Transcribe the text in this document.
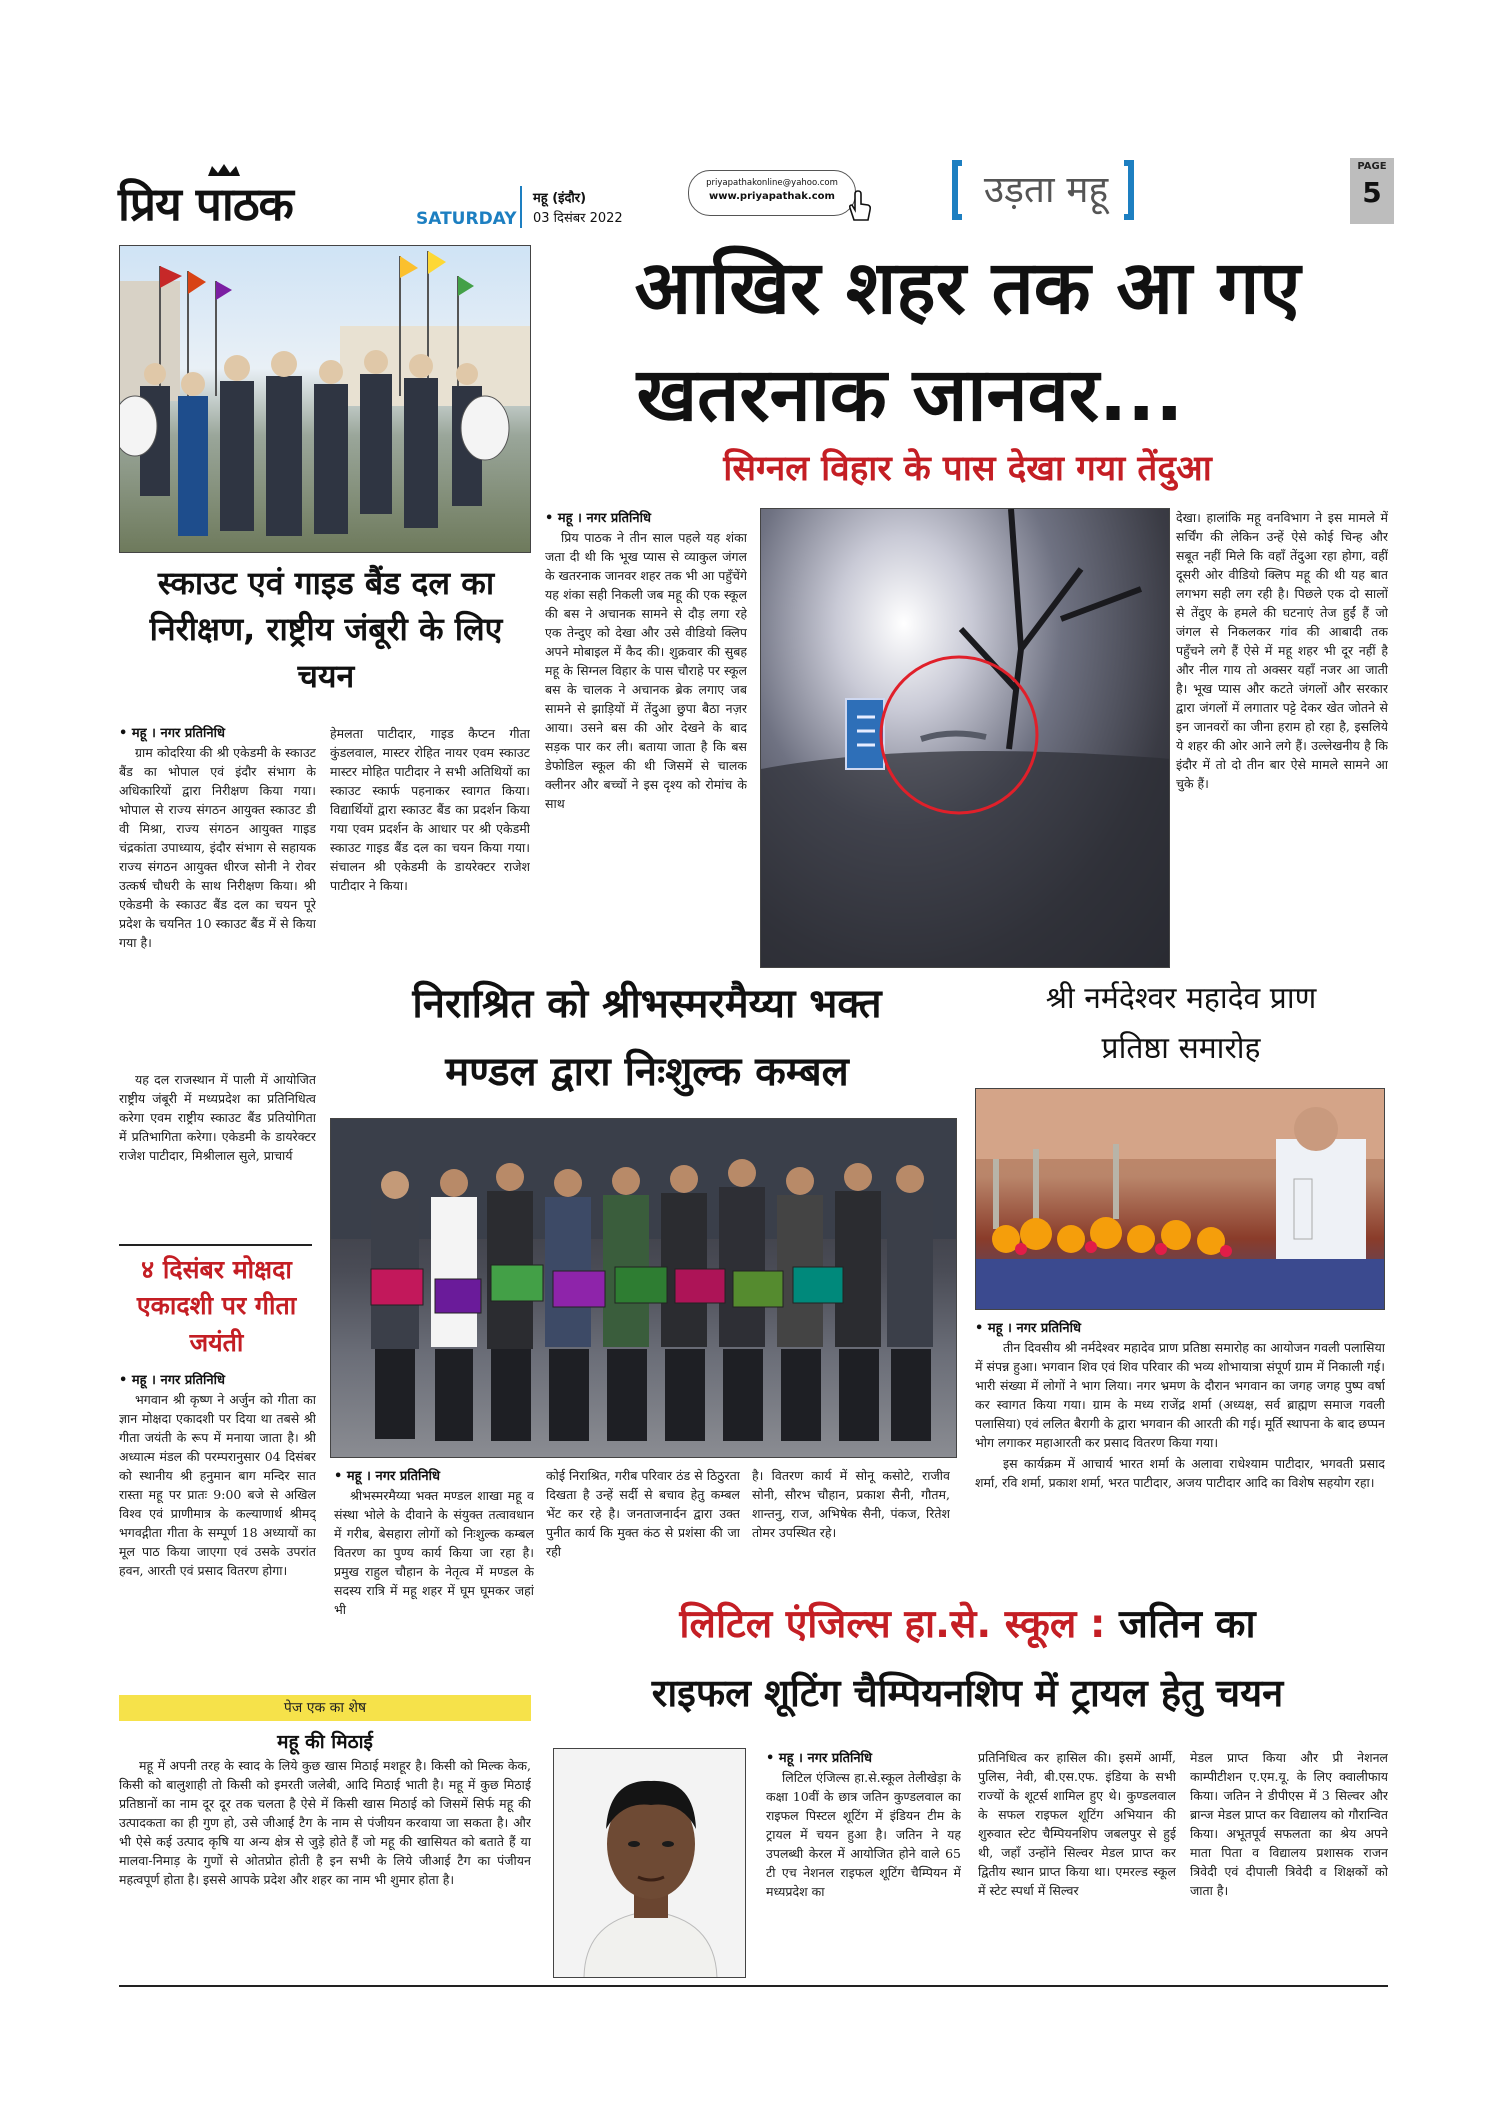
प्रिय पाठक	SATURDAY
महू (इंदौर)
03 दिसंबर 2022
priyapathakonline@yahoo.com
www.priyapathak.com	उड़ता महू
PAGE
5
स्काउट एवं गाइड बैंड दल का निरीक्षण, राष्ट्रीय जंबूरी के लिए चयन
• महू । नगर प्रतिनिधि
ग्राम कोदरिया की श्री एकेडमी के स्काउट बैंड का भोपाल एवं इंदौर संभाग के अधिकारियों द्वारा निरीक्षण किया गया। भोपाल से राज्य संगठन आयुक्त स्काउट डी वी मिश्रा, राज्य संगठन आयुक्त गाइड चंद्रकांता उपाध्याय, इंदौर संभाग से सहायक राज्य संगठन आयुक्त धीरज सोनी ने रोवर उत्कर्ष चौधरी के साथ निरीक्षण किया। श्री एकेडमी के स्काउट बैंड दल का चयन पूरे प्रदेश के चयनित 10 स्काउट बैंड में से किया गया है।
यह दल राजस्थान में पाली में आयोजित राष्ट्रीय जंबूरी में मध्यप्रदेश का प्रतिनिधित्व करेगा एवम राष्ट्रीय स्काउट बैंड प्रतियोगिता में प्रतिभागिता करेगा। एकेडमी के डायरेक्टर राजेश पाटीदार, मिश्रीलाल सुले, प्राचार्य
हेमलता पाटीदार, गाइड कैप्टन गीता कुंडलवाल, मास्टर रोहित नायर एवम स्काउट मास्टर मोहित पाटीदार ने सभी अतिथियों का स्काउट स्कार्फ पहनाकर स्वागत किया। विद्यार्थियों द्वारा स्काउट बैंड का प्रदर्शन किया गया एवम प्रदर्शन के आधार पर श्री एकेडमी स्काउट गाइड बैंड दल का चयन किया गया। संचालन श्री एकेडमी के डायरेक्टर राजेश पाटीदार ने किया।
४ दिसंबर मोक्षदा एकादशी पर गीता जयंती
• महू । नगर प्रतिनिधि
भगवान श्री कृष्ण ने अर्जुन को गीता का ज्ञान मोक्षदा एकादशी पर दिया था तबसे श्री गीता जयंती के रूप में मनाया जाता है। श्री अध्यात्म मंडल की परम्परानुसार 04 दिसंबर को स्थानीय श्री हनुमान बाग मन्दिर सात रास्ता महू पर प्रातः 9:00 बजे से अखिल विश्व एवं प्राणीमात्र के कल्याणार्थ श्रीमद् भगवद्गीता गीता के सम्पूर्ण 18 अध्यायों का मूल पाठ किया जाएगा एवं उसके उपरांत हवन, आरती एवं प्रसाद वितरण होगा।
आखिर शहर तक आ गए
खतरनाक जानवर...
सिग्नल विहार के पास देखा गया तेंदुआ
• महू । नगर प्रतिनिधि
प्रिय पाठक ने तीन साल पहले यह शंका जता दी थी कि भूख प्यास से व्याकुल जंगल के खतरनाक जानवर शहर तक भी आ पहुँचेंगे यह शंका सही निकली जब महू की एक स्कूल की बस ने अचानक सामने से दौड़ लगा रहे एक तेन्दुए को देखा और उसे वीडियो क्लिप अपने मोबाइल में कैद की। शुक्रवार की सुबह महू के सिग्नल विहार के पास चौराहे पर स्कूल बस के चालक ने अचानक ब्रेक लगाए जब सामने से झाड़ियों में तेंदुआ छुपा बैठा नज़र आया। उसने बस की ओर देखने के बाद सड़क पार कर ली। बताया जाता है कि बस डेफोडिल स्कूल की थी जिसमें से चालक क्लीनर और बच्चों ने इस दृश्य को रोमांच के साथ
देखा। हालांकि महू वनविभाग ने इस मामले में सर्चिंग की लेकिन उन्हें ऐसे कोई चिन्ह और सबूत नहीं मिले कि वहाँ तेंदुआ रहा होगा, वहीं दूसरी ओर वीडियो क्लिप महू की थी यह बात लगभग सही लग रही है। पिछले एक दो सालों से तेंदुए के हमले की घटनाएं तेज हुईं हैं जो जंगल से निकलकर गांव की आबादी तक पहुँचने लगे हैं ऐसे में महू शहर भी दूर नहीं है और नील गाय तो अक्सर यहाँ नजर आ जाती है। भूख प्यास और कटते जंगलों और सरकार द्वारा जंगलों में लगातार पट्टे देकर खेत जोतने से इन जानवरों का जीना हराम हो रहा है, इसलिये ये शहर की ओर आने लगे हैं। उल्लेखनीय है कि इंदौर में तो दो तीन बार ऐसे मामले सामने आ चुके हैं।
निराश्रित को श्रीभस्मरमैय्या भक्त
मण्डल द्वारा निःशुल्क कम्बल
• महू । नगर प्रतिनिधि
श्रीभस्मरमैय्या भक्त मण्डल शाखा महू व संस्था भोले के दीवाने के संयुक्त तत्वावधान में गरीब, बेसहारा लोगों को निःशुल्क कम्बल वितरण का पुण्य कार्य किया जा रहा है। प्रमुख राहुल चौहान के नेतृत्व में मण्डल के सदस्य रात्रि में महू शहर में घूम घूमकर जहां भी
कोई निराश्रित, गरीब परिवार ठंड से ठिठुरता दिखता है उन्हें सर्दी से बचाव हेतु कम्बल भेंट कर रहे है। जनताजनार्दन द्वारा उक्त पुनीत कार्य कि मुक्त कंठ से प्रशंसा की जा रही
है। वितरण कार्य में सोनू कसोटे, राजीव सोनी, सौरभ चौहान, प्रकाश सैनी, गौतम, शान्तनु, राज, अभिषेक सैनी, पंकज, रितेश तोमर उपस्थित रहे।
श्री नर्मदेश्वर महादेव प्राण
प्रतिष्ठा समारोह
• महू । नगर प्रतिनिधि
तीन दिवसीय श्री नर्मदेश्वर महादेव प्राण प्रतिष्ठा समारोह का आयोजन गवली पलासिया में संपन्न हुआ। भगवान शिव एवं शिव परिवार की भव्य शोभायात्रा संपूर्ण ग्राम में निकाली गई। भारी संख्या में लोगों ने भाग लिया। नगर भ्रमण के दौरान भगवान का जगह जगह पुष्प वर्षा कर स्वागत किया गया। ग्राम के मध्य राजेंद्र शर्मा (अध्यक्ष, सर्व ब्राह्मण समाज गवली पलासिया) एवं ललित बैरागी के द्वारा भगवान की आरती की गई। मूर्ति स्थापना के बाद छप्पन भोग लगाकर महाआरती कर प्रसाद वितरण किया गया।
इस कार्यक्रम में आचार्य भारत शर्मा के अलावा राधेश्याम पाटीदार, भगवती प्रसाद शर्मा, रवि शर्मा, प्रकाश शर्मा, भरत पाटीदार, अजय पाटीदार आदि का विशेष सहयोग रहा।
पेज एक का शेष
महू की मिठाई
महू में अपनी तरह के स्वाद के लिये कुछ खास मिठाई मशहूर है। किसी को मिल्क केक, किसी को बालुशाही तो किसी को इमरती जलेबी, आदि मिठाई भाती है। महू में कुछ मिठाई प्रतिष्ठानों का नाम दूर दूर तक चलता है ऐसे में किसी खास मिठाई को जिसमें सिर्फ महू की उत्पादकता का ही गुण हो, उसे जीआई टैग के नाम से पंजीयन करवाया जा सकता है। और भी ऐसे कई उत्पाद कृषि या अन्य क्षेत्र से जुड़े होते हैं जो महू की खासियत को बताते हैं या मालवा-निमाड़ के गुणों से ओतप्रोत होती है इन सभी के लिये जीआई टैग का पंजीयन महत्वपूर्ण होता है। इससे आपके प्रदेश और शहर का नाम भी शुमार होता है।
लिटिल एंजिल्स हा.से. स्कूल : जतिन का
राइफल शूटिंग चैम्पियनशिप में ट्रायल हेतु चयन
• महू । नगर प्रतिनिधि
लिटिल एंजिल्स हा.से.स्कूल तेलीखेड़ा के कक्षा 10वीं के छात्र जतिन कुण्डलवाल का राइफल पिस्टल शूटिंग में इंडियन टीम के ट्रायल में चयन हुआ है। जतिन ने यह उपलब्धी केरल में आयोजित होने वाले 65 टी एच नेशनल राइफल शूटिंग चैम्पियन में मध्यप्रदेश का
प्रतिनिधित्व कर हासिल की। इसमें आर्मी, पुलिस, नेवी, बी.एस.एफ. इंडिया के सभी राज्यों के शूटर्स शामिल हुए थे। कुण्डलवाल के सफल राइफल शूटिंग अभियान की शुरुवात स्टेट चैम्पियनशिप जबलपुर से हुई थी, जहाँ उन्होंने सिल्वर मेडल प्राप्त कर द्वितीय स्थान प्राप्त किया था। एमरल्ड स्कूल में स्टेट स्पर्धा में सिल्वर
मेडल प्राप्त किया और प्री नेशनल काम्पीटीशन ए.एम.यू. के लिए क्वालीफाय किया। जतिन ने डीपीएस में 3 सिल्वर और ब्रान्ज मेडल प्राप्त कर विद्यालय को गौरान्वित किया। अभूतपूर्व सफलता का श्रेय अपने माता पिता व विद्यालय प्रशासक राजन त्रिवेदी एवं दीपाली त्रिवेदी व शिक्षकों को जाता है।
